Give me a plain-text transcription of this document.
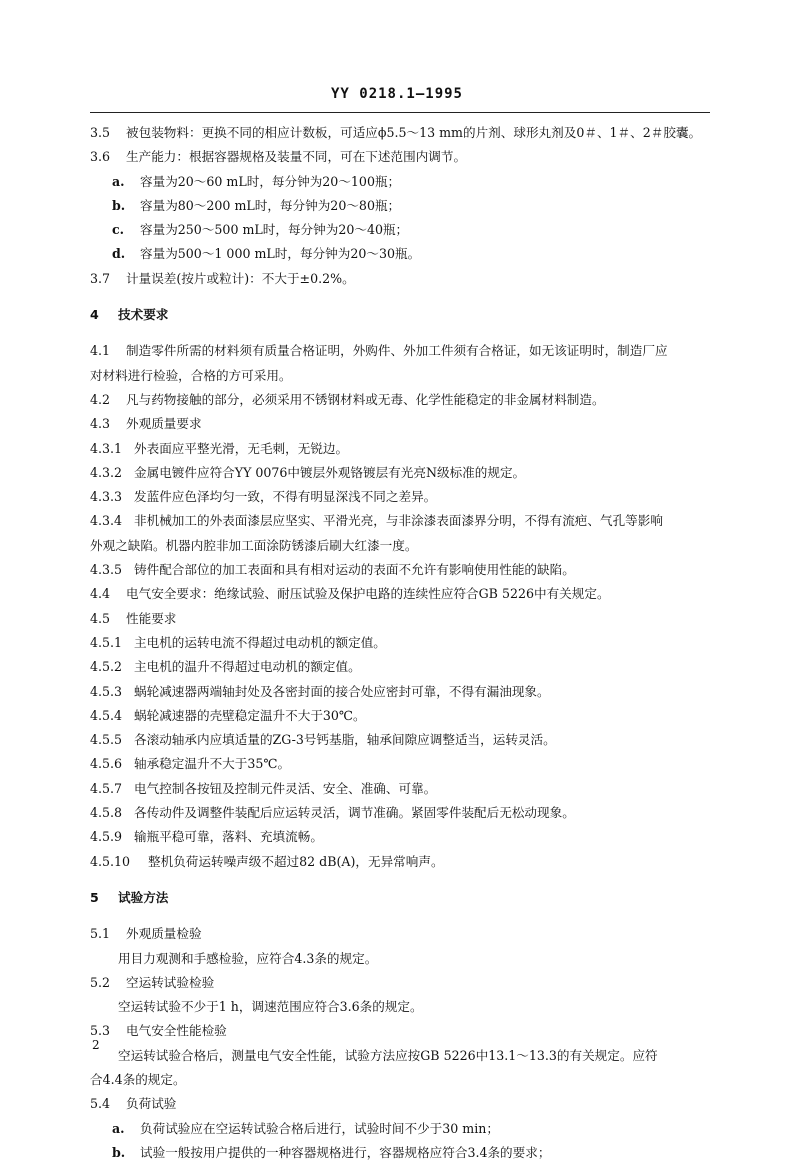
YY 0218.1—1995
3.5 被包装物料：更换不同的相应计数板，可适应ϕ5.5～13 mm的片剂、球形丸剂及0＃、1＃、2＃胶囊。
3.6 生产能力：根据容器规格及装量不同，可在下述范围内调节。
a. 容量为20～60 mL时，每分钟为20～100瓶；
b. 容量为80～200 mL时，每分钟为20～80瓶；
c. 容量为250～500 mL时，每分钟为20～40瓶；
d. 容量为500～1 000 mL时，每分钟为20～30瓶。
3.7 计量误差(按片或粒计)：不大于±0.2%。
4 技术要求
4.1 制造零件所需的材料须有质量合格证明，外购件、外加工件须有合格证，如无该证明时，制造厂应
对材料进行检验，合格的方可采用。
4.2 凡与药物接触的部分，必须采用不锈钢材料或无毒、化学性能稳定的非金属材料制造。
4.3 外观质量要求
4.3.1 外表面应平整光滑，无毛刺，无锐边。
4.3.2 金属电镀件应符合YY 0076中镀层外观铬镀层有光亮N级标准的规定。
4.3.3 发蓝件应色泽均匀一致，不得有明显深浅不同之差异。
4.3.4 非机械加工的外表面漆层应坚实、平滑光亮，与非涂漆表面漆界分明，不得有流疤、气孔等影响
外观之缺陷。机器内腔非加工面涂防锈漆后刷大红漆一度。
4.3.5 铸件配合部位的加工表面和具有相对运动的表面不允许有影响使用性能的缺陷。
4.4 电气安全要求：绝缘试验、耐压试验及保护电路的连续性应符合GB 5226中有关规定。
4.5 性能要求
4.5.1 主电机的运转电流不得超过电动机的额定值。
4.5.2 主电机的温升不得超过电动机的额定值。
4.5.3 蜗轮减速器两端轴封处及各密封面的接合处应密封可靠，不得有漏油现象。
4.5.4 蜗轮减速器的壳壁稳定温升不大于30℃。
4.5.5 各滚动轴承内应填适量的ZG-3号钙基脂，轴承间隙应调整适当，运转灵活。
4.5.6 轴承稳定温升不大于35℃。
4.5.7 电气控制各按钮及控制元件灵活、安全、准确、可靠。
4.5.8 各传动件及调整件装配后应运转灵活，调节准确。紧固零件装配后无松动现象。
4.5.9 输瓶平稳可靠，落料、充填流畅。
4.5.10 整机负荷运转噪声级不超过82 dB(A)，无异常响声。
5 试验方法
5.1 外观质量检验
用目力观测和手感检验，应符合4.3条的规定。
5.2 空运转试验检验
空运转试验不少于1 h，调速范围应符合3.6条的规定。
5.3 电气安全性能检验
空运转试验合格后，测量电气安全性能，试验方法应按GB 5226中13.1～13.3的有关规定。应符
合4.4条的规定。
5.4 负荷试验
a. 负荷试验应在空运转试验合格后进行，试验时间不少于30 min；
b. 试验一般按用户提供的一种容器规格进行，容器规格应符合3.4条的要求；
2
